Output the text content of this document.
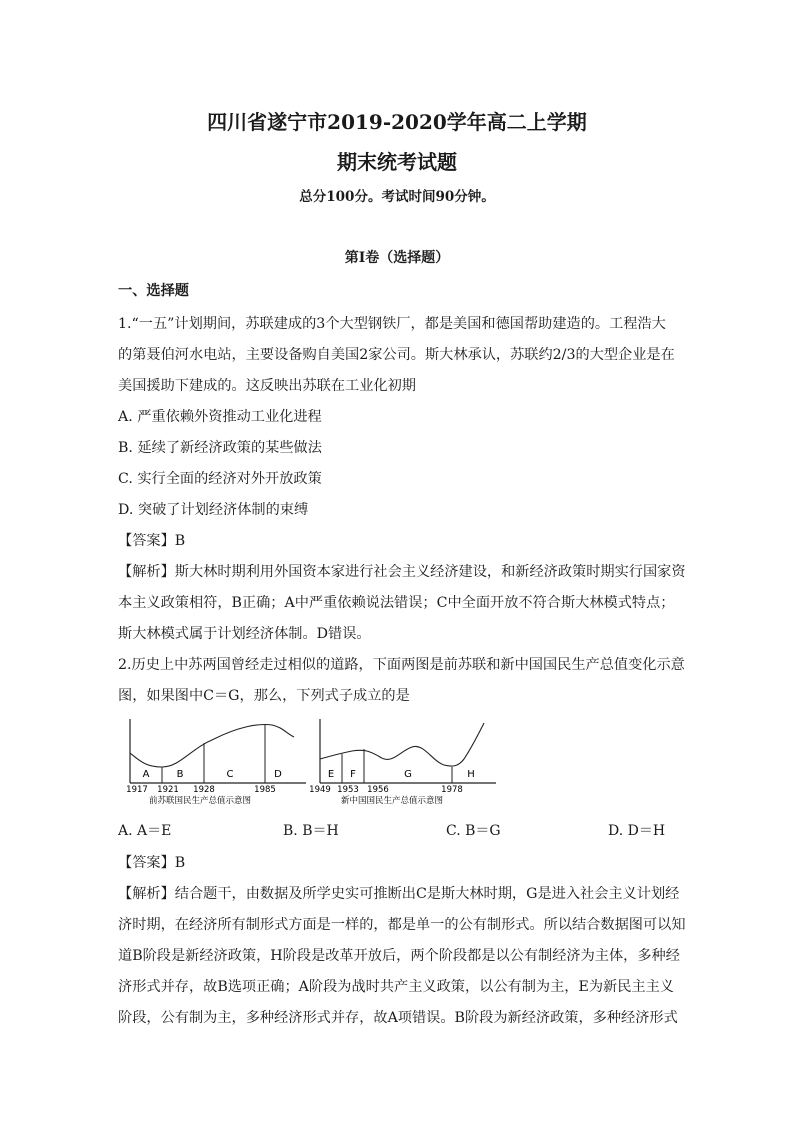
四川省遂宁市2019-2020学年高二上学期
期末统考试题
总分100分。考试时间90分钟。
第Ⅰ卷（选择题）
一、选择题
1.“一五”计划期间，苏联建成的3个大型钢铁厂，都是美国和德国帮助建造的。工程浩大
的第聂伯河水电站，主要设备购自美国2家公司。斯大林承认，苏联约2/3的大型企业是在
美国援助下建成的。这反映出苏联在工业化初期
A. 严重依赖外资推动工业化进程
B. 延续了新经济政策的某些做法
C. 实行全面的经济对外开放政策
D. 突破了计划经济体制的束缚
【答案】B
【解析】斯大林时期利用外国资本家进行社会主义经济建设，和新经济政策时期实行国家资
本主义政策相符，B正确；A中严重依赖说法错误；C中全面开放不符合斯大林模式特点；
斯大林模式属于计划经济体制。D错误。
2.历史上中苏两国曾经走过相似的道路，下面两图是前苏联和新中国国民生产总值变化示意
图，如果图中C＝G，那么，下列式子成立的是
A	B	C	D
1917 1921 1928	1985
前苏联国民生产总值示意图
E F	G	H
1949 1953 1956	1978
新中国国民生产总值示意图
A. A＝E	B. B＝H	C. B＝G	D. D＝H
【答案】B
【解析】结合题干，由数据及所学史实可推断出C是斯大林时期，G是进入社会主义计划经
济时期，在经济所有制形式方面是一样的，都是单一的公有制形式。所以结合数据图可以知
道B阶段是新经济政策，H阶段是改革开放后，两个阶段都是以公有制经济为主体，多种经
济形式并存，故B选项正确；A阶段为战时共产主义政策，以公有制为主，E为新民主主义
阶段，公有制为主，多种经济形式并存，故A项错误。B阶段为新经济政策，多种经济形式
